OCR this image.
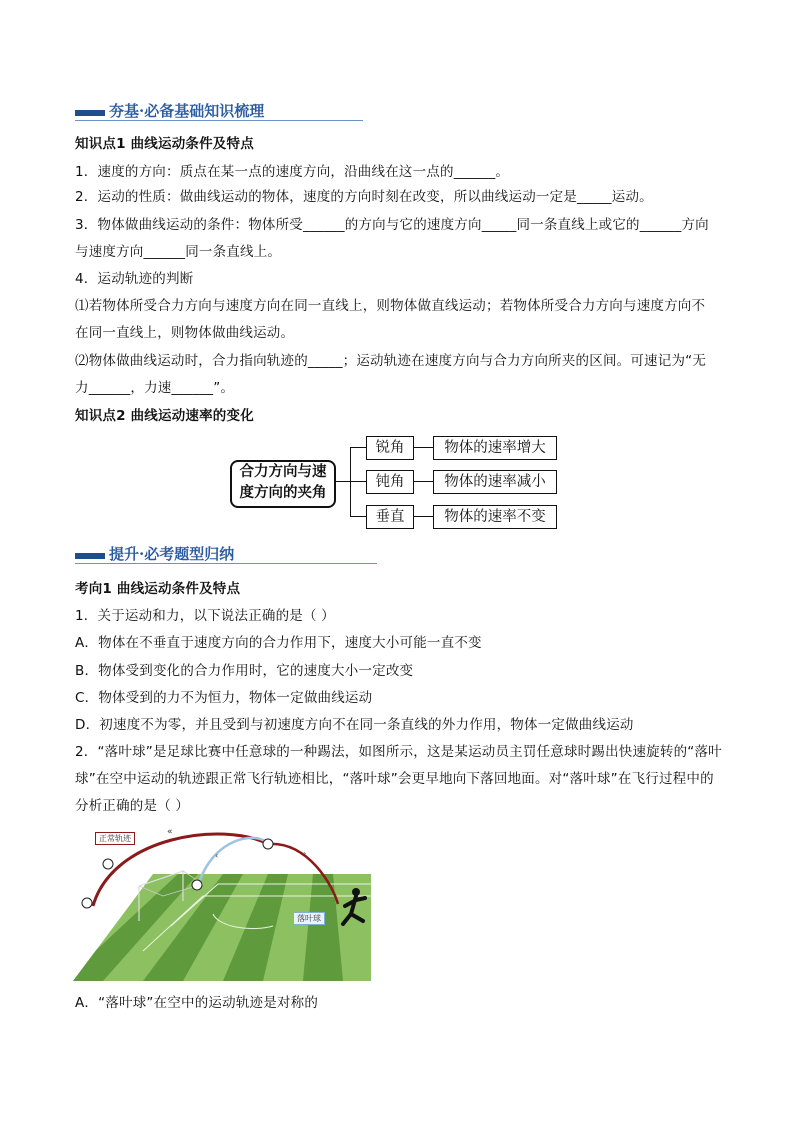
夯基·必备基础知识梳理
知识点1 曲线运动条件及特点
1．速度的方向：质点在某一点的速度方向，沿曲线在这一点的______。
2．运动的性质：做曲线运动的物体，速度的方向时刻在改变，所以曲线运动一定是_____运动。
3．物体做曲线运动的条件：物体所受______的方向与它的速度方向_____同一条直线上或它的______方向
与速度方向______同一条直线上。
4．运动轨迹的判断
⑴若物体所受合力方向与速度方向在同一直线上，则物体做直线运动；若物体所受合力方向与速度方向不
在同一直线上，则物体做曲线运动。
⑵物体做曲线运动时，合力指向轨迹的_____；运动轨迹在速度方向与合力方向所夹的区间。可速记为“无
力______，力速______”。
知识点2 曲线运动速率的变化
合力方向与速
度方向的夹角
锐角
钝角
垂直
物体的速率增大
物体的速率减小
物体的速率不变
提升·必考题型归纳
考向1 曲线运动条件及特点
1．关于运动和力，以下说法正确的是（ ）
A．物体在不垂直于速度方向的合力作用下，速度大小可能一直不变
B．物体受到变化的合力作用时，它的速度大小一定改变
C．物体受到的力不为恒力，物体一定做曲线运动
D．初速度不为零，并且受到与初速度方向不在同一条直线的外力作用，物体一定做曲线运动
2．“落叶球”是足球比赛中任意球的一种踢法，如图所示，这是某运动员主罚任意球时踢出快速旋转的“落叶
球”在空中运动的轨迹跟正常飞行轨迹相比，“落叶球”会更早地向下落回地面。对“落叶球”在飞行过程中的
分析正确的是（ ）
«
‹	›
正常轨迹
落叶球
A．“落叶球”在空中的运动轨迹是对称的
